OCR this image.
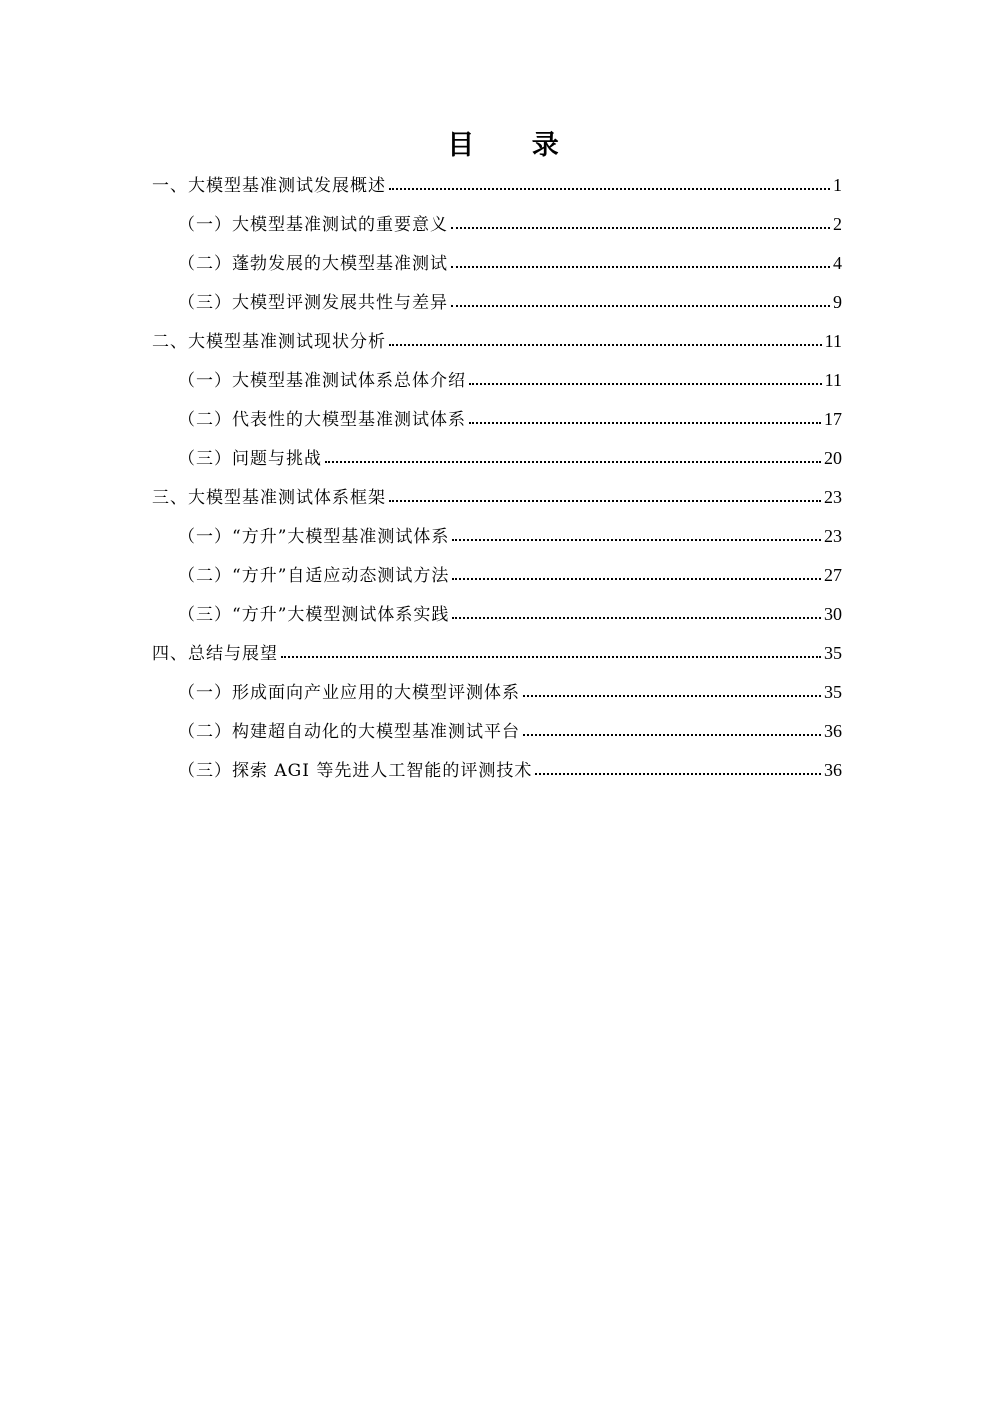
目 录
一、大模型基准测试发展概述	1
（一）大模型基准测试的重要意义	2
（二）蓬勃发展的大模型基准测试	4
（三）大模型评测发展共性与差异	9
二、大模型基准测试现状分析	11
（一）大模型基准测试体系总体介绍	11
（二）代表性的大模型基准测试体系	17
（三）问题与挑战	20
三、大模型基准测试体系框架	23
（一）“方升”大模型基准测试体系	23
（二）“方升”自适应动态测试方法	27
（三）“方升”大模型测试体系实践	30
四、总结与展望	35
（一）形成面向产业应用的大模型评测体系	35
（二）构建超自动化的大模型基准测试平台	36
（三）探索 AGI 等先进人工智能的评测技术	36
